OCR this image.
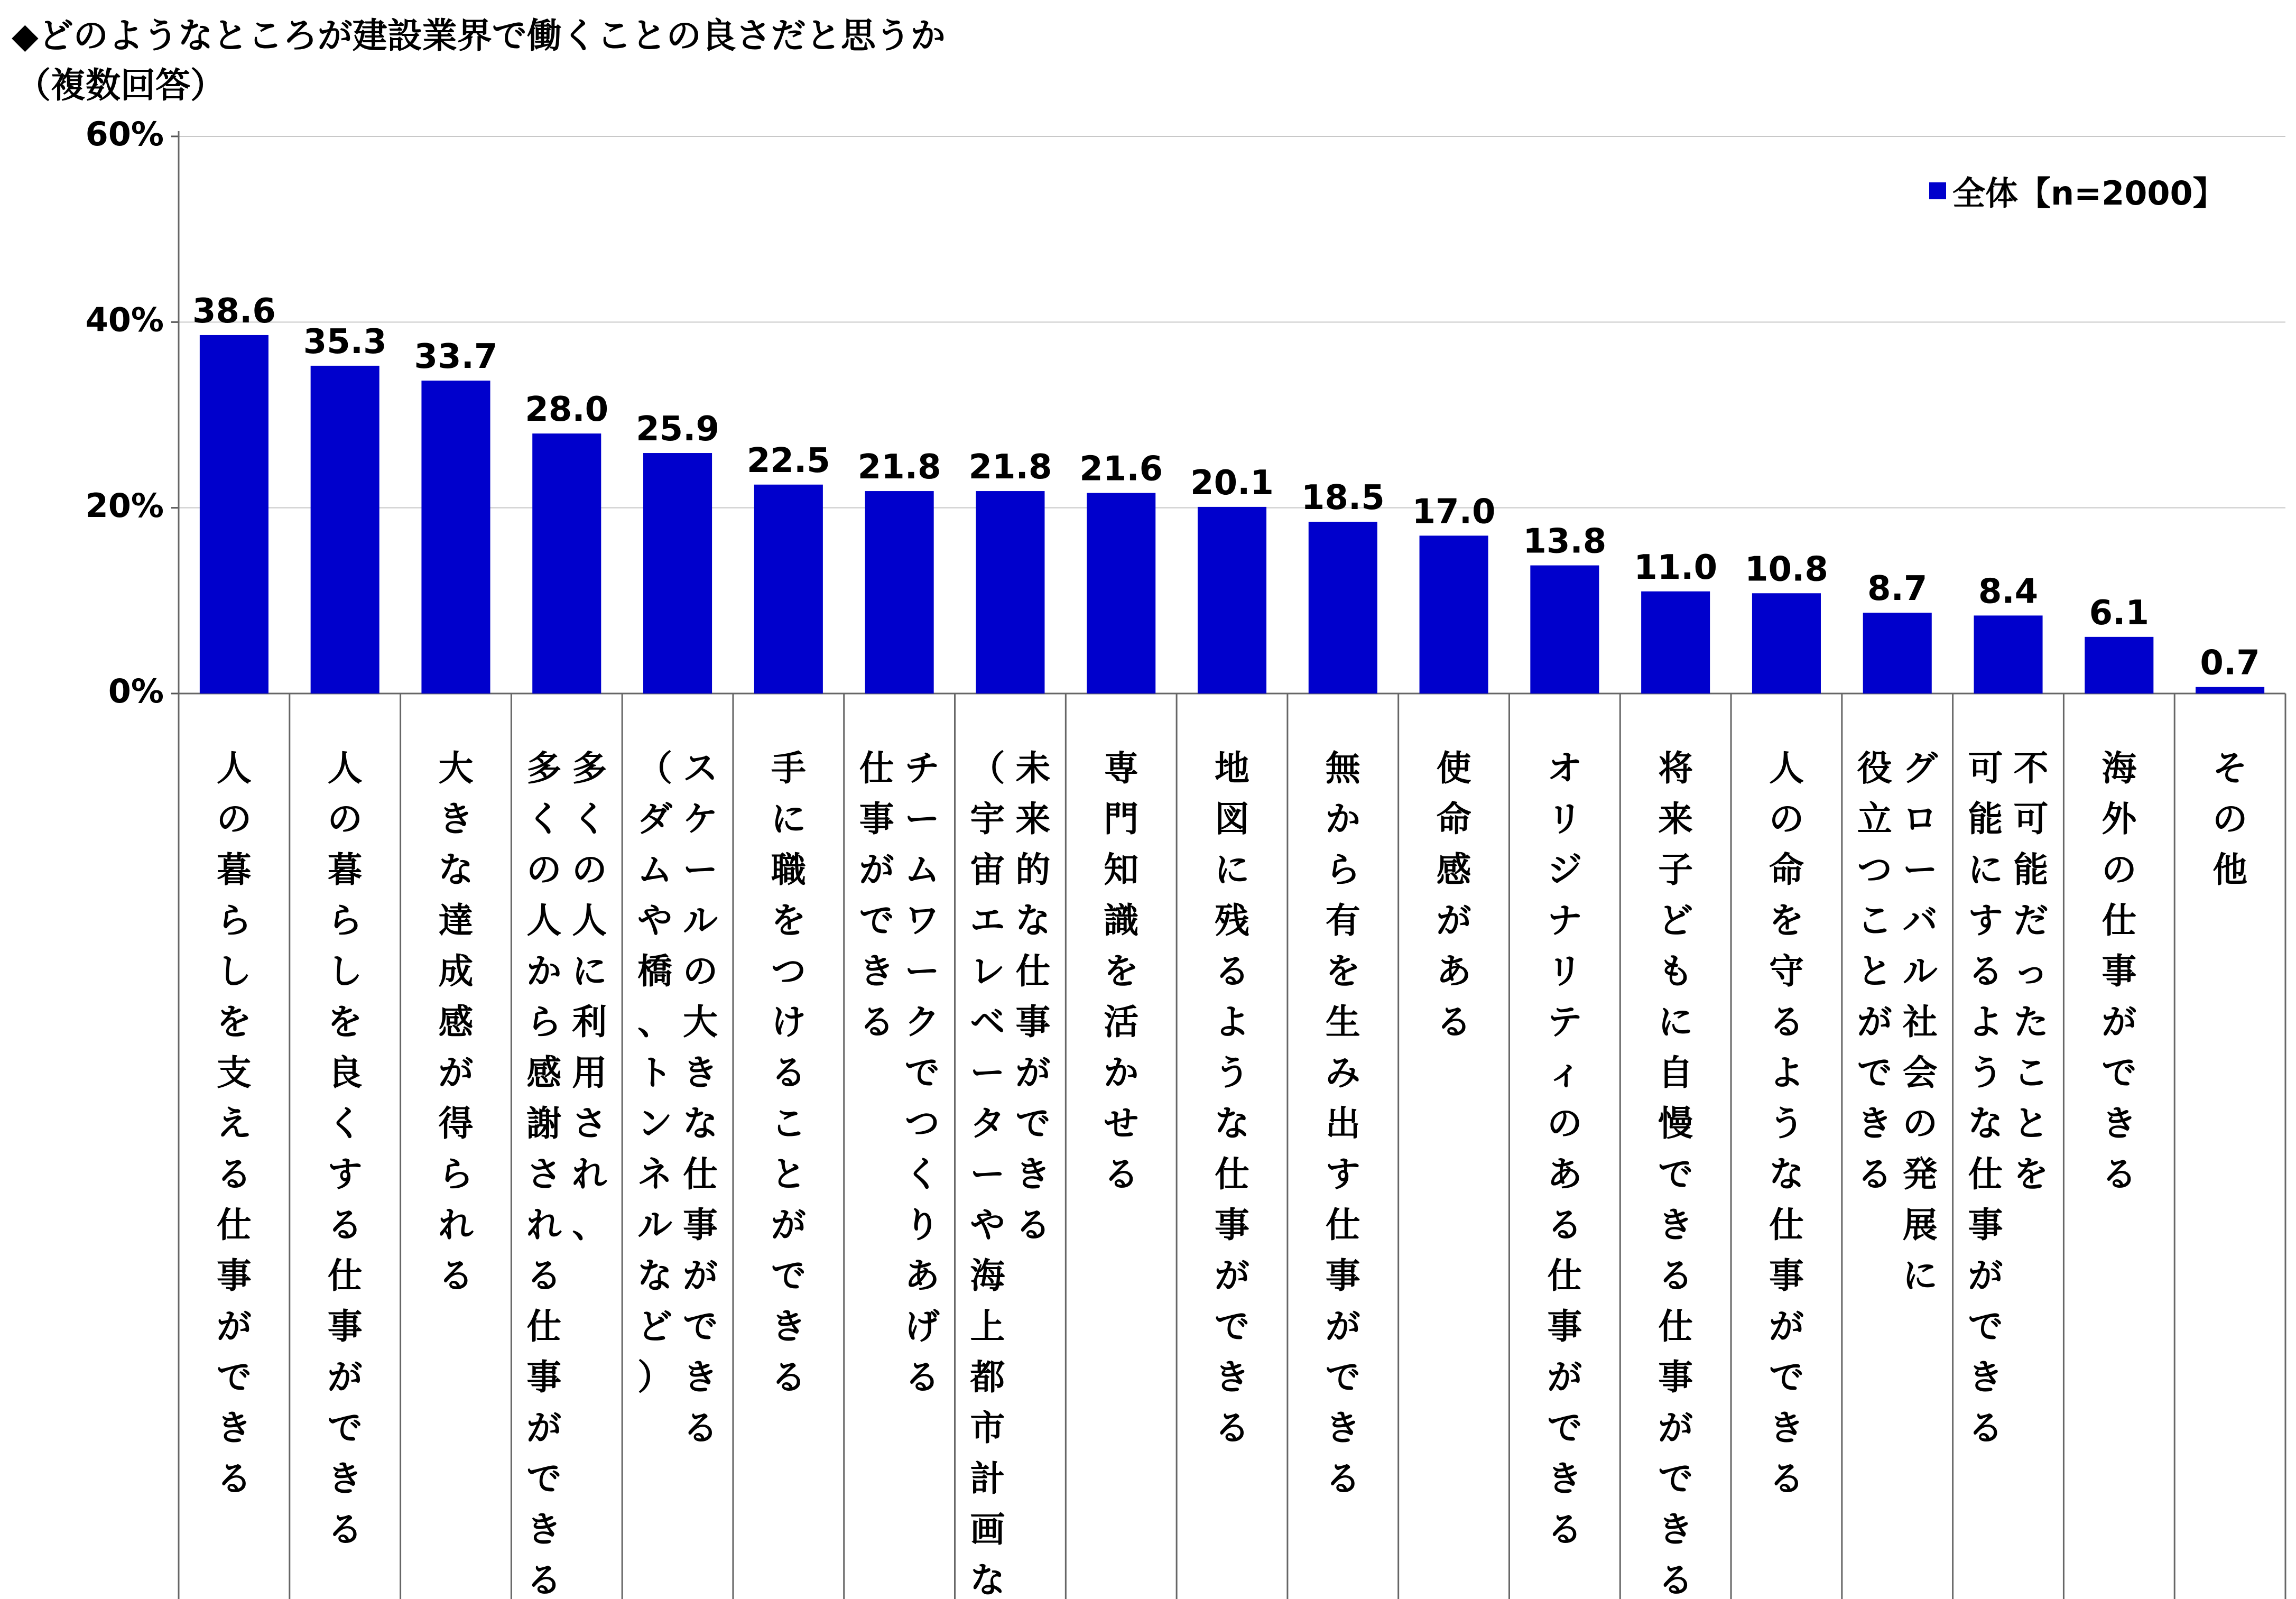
0%
20%
40%
60%
38.6
35.3 33.7
28.0 25.9
22.5 21.8 21.8 21.6 20.1 18.5 17.0
13.8
11.0 10.8 8.7 8.4
6.1
0.7
人の暮らしを支える仕事ができる
人の暮らしを良くする仕事ができる
大きな達成感が得られる
多くの人に利用され、
多くの人から感謝される仕事ができる
スケールの大きな仕事ができる
（ダムや橋、トンネルなど）
手に職をつけることができる
チームワークでつくりあげる
仕事ができる
未来的な仕事ができる
（宇宙エレベーターや海上都市計画な
専門知識を活かせる
地図に残るような仕事ができる
無から有を生み出す仕事ができる
使命感がある
オリジナリティのある仕事ができる
将来子どもに自慢できる仕事ができる
人の命を守るような仕事ができる
グローバル社会の発展に
役立つことができる
不可能だったことを
可能にするような仕事ができる
海外の仕事ができる
その他
◆どのようなところが建設業界で働くことの良さだと思うか
（複数回答）
全体【n=2000】
